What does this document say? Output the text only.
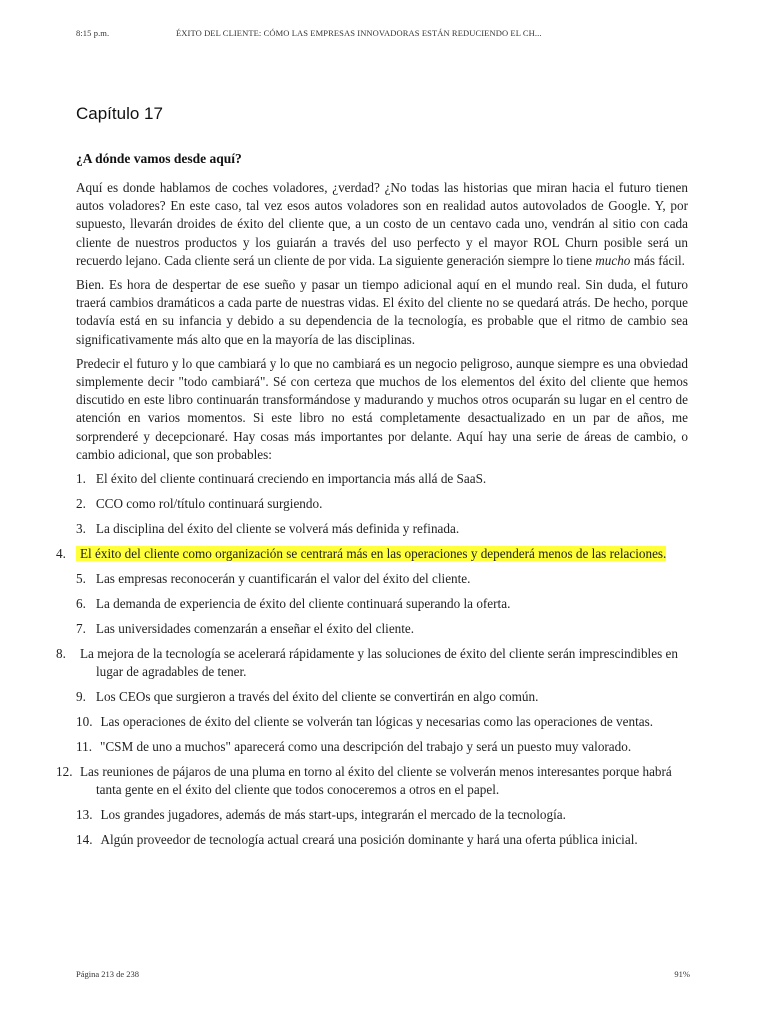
8:15 p.m.	ÉXITO DEL CLIENTE: CÓMO LAS EMPRESAS INNOVADORAS ESTÁN REDUCIENDO EL CH...
Capítulo 17
¿A dónde vamos desde aquí?

Aquí es donde hablamos de coches voladores, ¿verdad? ¿No todas las historias que miran hacia el futuro tienen autos voladores? En este caso, tal vez esos autos voladores son en realidad autos autovolados de Google. Y, por supuesto, llevarán droides de éxito del cliente que, a un costo de un centavo cada uno, vendrán al sitio con cada cliente de nuestros productos y los guiarán a través del uso perfecto y el mayor ROL Churn posible será un recuerdo lejano. Cada cliente será un cliente de por vida. La siguiente generación siempre lo tiene mucho más fácil.

Bien. Es hora de despertar de ese sueño y pasar un tiempo adicional aquí en el mundo real. Sin duda, el futuro traerá cambios dramáticos a cada parte de nuestras vidas. El éxito del cliente no se quedará atrás. De hecho, porque todavía está en su infancia y debido a su dependencia de la tecnología, es probable que el ritmo de cambio sea significativamente más alto que en la mayoría de las disciplinas.

Predecir el futuro y lo que cambiará y lo que no cambiará es un negocio peligroso, aunque siempre es una obviedad simplemente decir "todo cambiará". Sé con certeza que muchos de los elementos del éxito del cliente que hemos discutido en este libro continuarán transformándose y madurando y muchos otros ocuparán su lugar en el centro de atención en varios momentos. Si este libro no está completamente desactualizado en un par de años, me sorprenderé y decepcionaré. Hay cosas más importantes por delante. Aquí hay una serie de áreas de cambio, o cambio adicional, que son probables:

1. El éxito del cliente continuará creciendo en importancia más allá de SaaS.
2. CCO como rol/título continuará surgiendo.
3. La disciplina del éxito del cliente se volverá más definida y refinada.
4. El éxito del cliente como organización se centrará más en las operaciones y dependerá menos de las relaciones.
5. Las empresas reconocerán y cuantificarán el valor del éxito del cliente.
6. La demanda de experiencia de éxito del cliente continuará superando la oferta.
7. Las universidades comenzarán a enseñar el éxito del cliente.
8. La mejora de la tecnología se acelerará rápidamente y las soluciones de éxito del cliente serán imprescindibles en lugar de agradables de tener.
9. Los CEOs que surgieron a través del éxito del cliente se convertirán en algo común.
10. Las operaciones de éxito del cliente se volverán tan lógicas y necesarias como las operaciones de ventas.
11. "CSM de uno a muchos" aparecerá como una descripción del trabajo y será un puesto muy valorado.
12. Las reuniones de pájaros de una pluma en torno al éxito del cliente se volverán menos interesantes porque habrá tanta gente en el éxito del cliente que todos conoceremos a otros en el papel.
13. Los grandes jugadores, además de más start-ups, integrarán el mercado de la tecnología.
14. Algún proveedor de tecnología actual creará una posición dominante y hará una oferta pública inicial.
Página 213 de 238	91%
